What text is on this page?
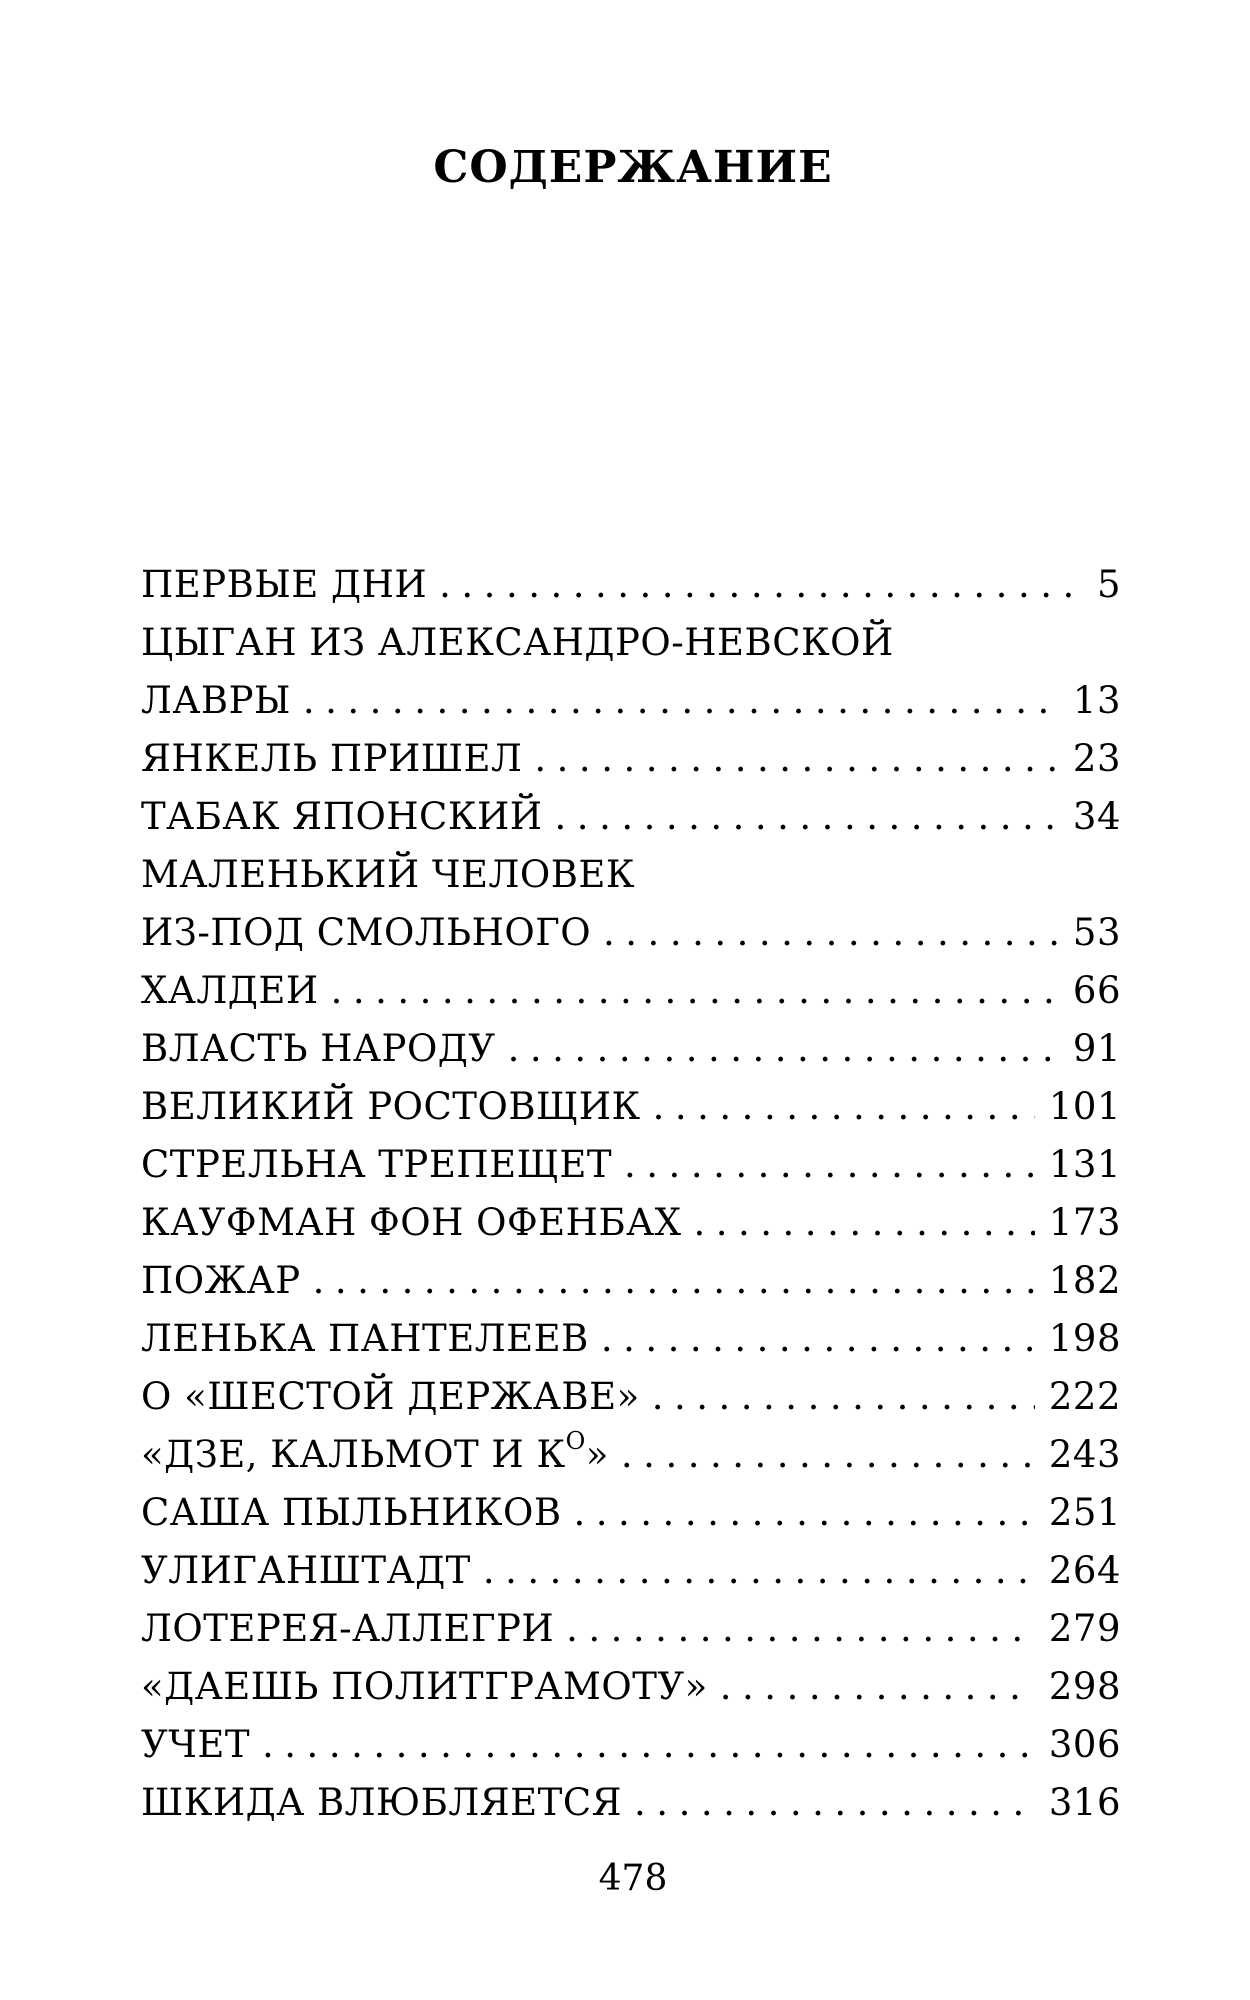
СОДЕРЖАНИЕ
ПЕРВЫЕ ДНИ .....	5
ЦЫГАН ИЗ АЛЕКСАНДРО-НЕВСКОЙ
ЛАВРЫ .....	13
ЯНКЕЛЬ ПРИШЕЛ .....	23
ТАБАК ЯПОНСКИЙ .....	34
МАЛЕНЬКИЙ ЧЕЛОВЕК
ИЗ-ПОД СМОЛЬНОГО .....	53
ХАЛДЕИ .....	66
ВЛАСТЬ НАРОДУ .....	91
ВЕЛИКИЙ РОСТОВЩИК .....	101
СТРЕЛЬНА ТРЕПЕЩЕТ .....	131
КАУФМАН ФОН ОФЕНБАХ .....	173
ПОЖАР .....	182
ЛЕНЬКА ПАНТЕЛЕЕВ .....	198
О «ШЕСТОЙ ДЕРЖАВЕ» .....	222
«ДЗЕ, КАЛЬМОТ И $К^О$» .....	243
САША ПЫЛЬНИКОВ .....	251
УЛИГАНШТАДТ .....	264
ЛОТЕРЕЯ-АЛЛЕГРИ .....	279
«ДАЕШЬ ПОЛИТГРАМОТУ» .....	298
УЧЕТ .....	306
ШКИДА ВЛЮБЛЯЕТСЯ .....	316
478
